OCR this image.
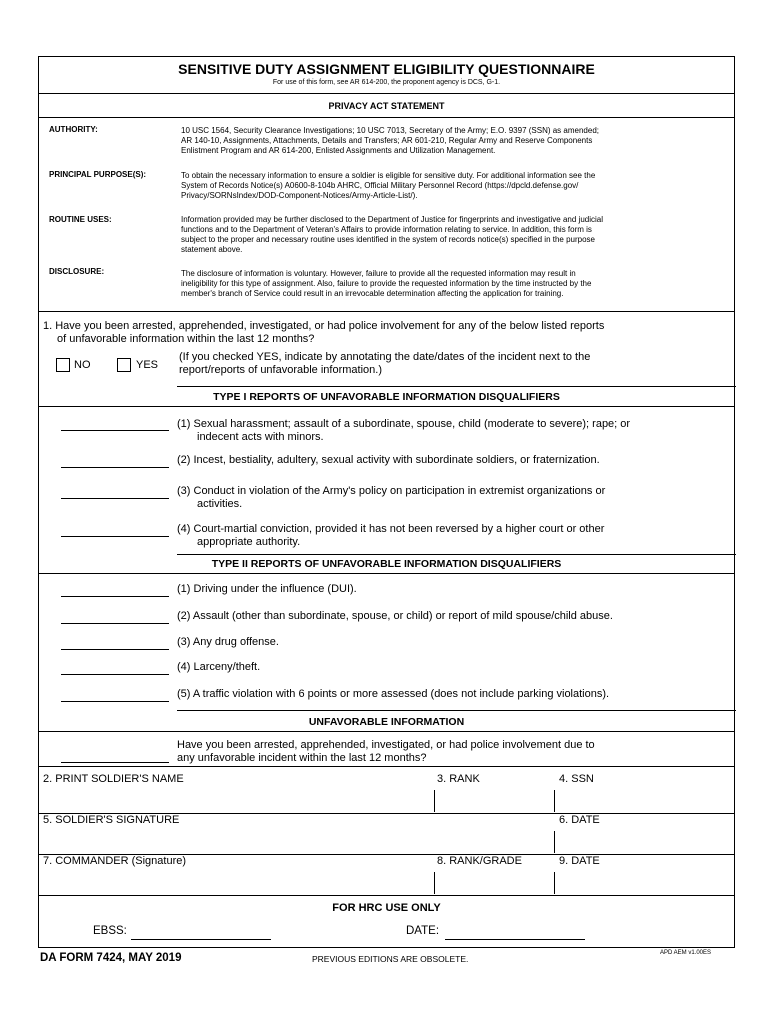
SENSITIVE DUTY ASSIGNMENT ELIGIBILITY QUESTIONNAIRE
For use of this form, see AR 614-200, the proponent agency is DCS, G-1.
PRIVACY ACT STATEMENT
AUTHORITY:	10 USC 1564, Security Clearance Investigations; 10 USC 7013, Secretary of the Army; E.O. 9397 (SSN) as amended;
AR 140-10, Assignments, Attachments, Details and Transfers; AR 601-210, Regular Army and Reserve Components
Enlistment Program and AR 614-200, Enlisted Assignments and Utilization Management.
PRINCIPAL PURPOSE(S):	To obtain the necessary information to ensure a soldier is eligible for sensitive duty. For additional information see the
System of Records Notice(s) A0600-8-104b AHRC, Official Military Personnel Record (https://dpcld.defense.gov/
Privacy/SORNsIndex/DOD-Component-Notices/Army-Article-List/).
ROUTINE USES:	Information provided may be further disclosed to the Department of Justice for fingerprints and investigative and judicial
functions and to the Department of Veteran's Affairs to provide information relating to service. In addition, this form is
subject to the proper and necessary routine uses identified in the system of records notice(s) specified in the purpose
statement above.
DISCLOSURE:	The disclosure of information is voluntary. However, failure to provide all the requested information may result in
ineligibility for this type of assignment. Also, failure to provide the requested information by the time instructed by the
member's branch of Service could result in an irrevocable determination affecting the application for training.
1. Have you been arrested, apprehended, investigated, or had police involvement for any of the below listed reports
of unfavorable information within the last 12 months?
NO	YES
(If you checked YES, indicate by annotating the date/dates of the incident next to the
report/reports of unfavorable information.)
TYPE I REPORTS OF UNFAVORABLE INFORMATION DISQUALIFIERS
(1) Sexual harassment; assault of a subordinate, spouse, child (moderate to severe); rape; or
indecent acts with minors.
(2) Incest, bestiality, adultery, sexual activity with subordinate soldiers, or fraternization.
(3) Conduct in violation of the Army's policy on participation in extremist organizations or
activities.
(4) Court-martial conviction, provided it has not been reversed by a higher court or other
appropriate authority.
TYPE II REPORTS OF UNFAVORABLE INFORMATION DISQUALIFIERS
(1) Driving under the influence (DUI).
(2) Assault (other than subordinate, spouse, or child) or report of mild spouse/child abuse.
(3) Any drug offense.
(4) Larceny/theft.
(5) A traffic violation with 6 points or more assessed (does not include parking violations).
UNFAVORABLE INFORMATION
Have you been arrested, apprehended, investigated, or had police involvement due to
any unfavorable incident within the last 12 months?
2. PRINT SOLDIER'S NAME	3. RANK	4. SSN
5. SOLDIER'S SIGNATURE	6. DATE
7. COMMANDER (Signature)	8. RANK/GRADE	9. DATE
FOR HRC USE ONLY
EBSS:	DATE:
DA FORM 7424, MAY 2019	PREVIOUS EDITIONS ARE OBSOLETE.
APD AEM v1.00ES
